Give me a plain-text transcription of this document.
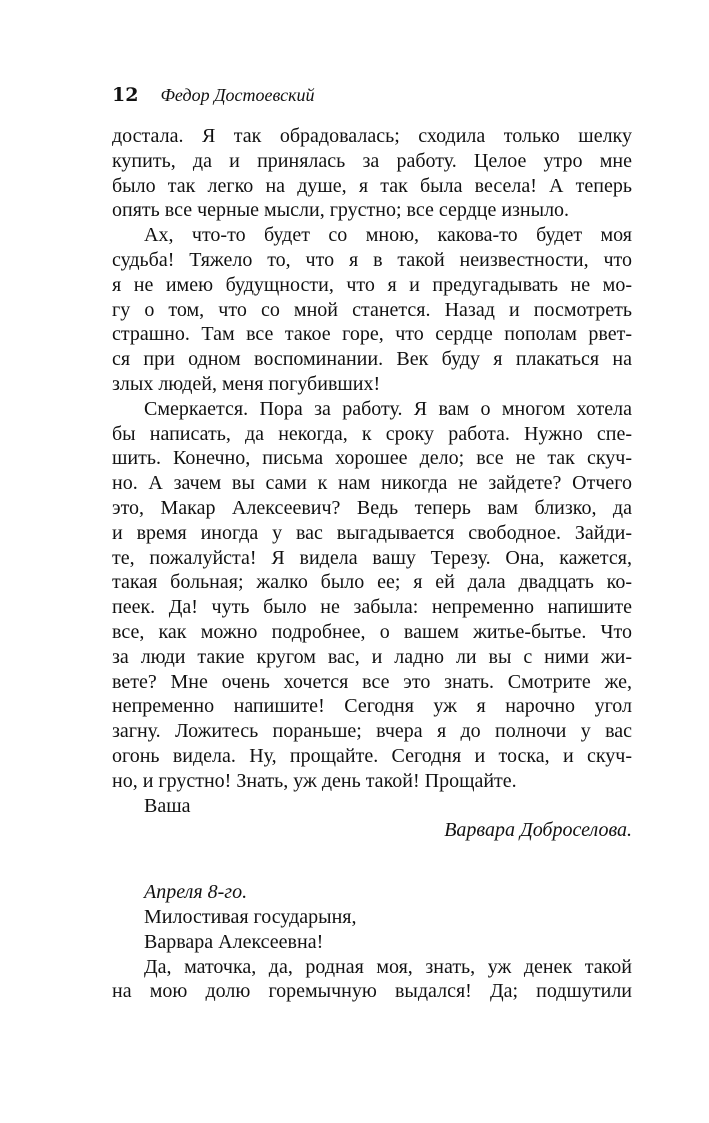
12 Федор Достоевский
достала. Я так обрадовалась; сходила только шелку
купить, да и принялась за работу. Целое утро мне
было так легко на душе, я так была весела! А теперь
опять все черные мысли, грустно; все сердце изныло.
Ах, что-то будет со мною, какова-то будет моя
судьба! Тяжело то, что я в такой неизвестности, что
я не имею будущности, что я и предугадывать не мо-
гу о том, что со мной станется. Назад и посмотреть
страшно. Там все такое горе, что сердце пополам рвет-
ся при одном воспоминании. Век буду я плакаться на
злых людей, меня погубивших!
Смеркается. Пора за работу. Я вам о многом хотела
бы написать, да некогда, к сроку работа. Нужно спе-
шить. Конечно, письма хорошее дело; все не так скуч-
но. А зачем вы сами к нам никогда не зайдете? Отчего
это, Макар Алексеевич? Ведь теперь вам близко, да
и время иногда у вас выгадывается свободное. Зайди-
те, пожалуйста! Я видела вашу Терезу. Она, кажется,
такая больная; жалко было ее; я ей дала двадцать ко-
пеек. Да! чуть было не забыла: непременно напишите
все, как можно подробнее, о вашем житье-бытье. Что
за люди такие кругом вас, и ладно ли вы с ними жи-
вете? Мне очень хочется все это знать. Смотрите же,
непременно напишите! Сегодня уж я нарочно угол
загну. Ложитесь пораньше; вчера я до полночи у вас
огонь видела. Ну, прощайте. Сегодня и тоска, и скуч-
но, и грустно! Знать, уж день такой! Прощайте.
Ваша
Варвара Доброселова.
Апреля 8-го.
Милостивая государыня,
Варвара Алексеевна!
Да, маточка, да, родная моя, знать, уж денек такой
на мою долю горемычную выдался! Да; подшутили
